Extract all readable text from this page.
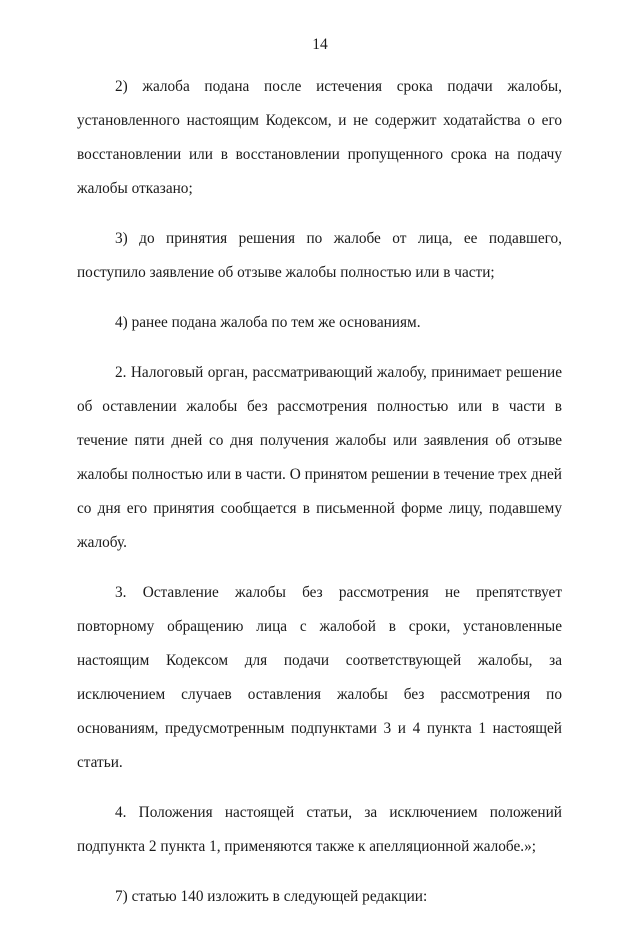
14

2) жалоба подана после истечения срока подачи жалобы, установленного настоящим Кодексом, и не содержит ходатайства о его восстановлении или в восстановлении пропущенного срока на подачу жалобы отказано;

3) до принятия решения по жалобе от лица, ее подавшего, поступило заявление об отзыве жалобы полностью или в части;

4) ранее подана жалоба по тем же основаниям.

2. Налоговый орган, рассматривающий жалобу, принимает решение об оставлении жалобы без рассмотрения полностью или в части в течение пяти дней со дня получения жалобы или заявления об отзыве жалобы полностью или в части. О принятом решении в течение трех дней со дня его принятия сообщается в письменной форме лицу, подавшему жалобу.

3. Оставление жалобы без рассмотрения не препятствует повторному обращению лица с жалобой в сроки, установленные настоящим Кодексом для подачи соответствующей жалобы, за исключением случаев оставления жалобы без рассмотрения по основаниям, предусмотренным подпунктами 3 и 4 пункта 1 настоящей статьи.

4. Положения настоящей статьи, за исключением положений подпункта 2 пункта 1, применяются также к апелляционной жалобе.»;

7) статью 140 изложить в следующей редакции:
